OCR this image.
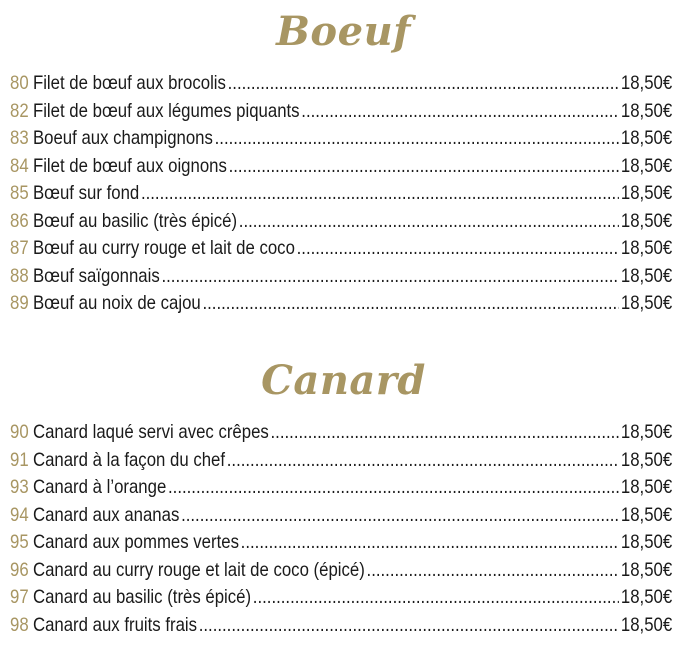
Boeuf
80 Filet de bœuf aux brocolis .....	18,50€
82 Filet de bœuf aux légumes piquants .....	18,50€
83 Boeuf aux champignons .....	18,50€
84 Filet de bœuf aux oignons .....	18,50€
85 Bœuf sur fond .....	18,50€
86 Bœuf au basilic (très épicé) .....	18,50€
87 Bœuf au curry rouge et lait de coco .....	18,50€
88 Bœuf saïgonnais .....	18,50€
89 Bœuf au noix de cajou .....	18,50€
Canard
90 Canard laqué servi avec crêpes .....	18,50€
91 Canard à la façon du chef .....	18,50€
93 Canard à l’orange .....	18,50€
94 Canard aux ananas .....	18,50€
95 Canard aux pommes vertes .....	18,50€
96 Canard au curry rouge et lait de coco (épicé) .....	18,50€
97 Canard au basilic (très épicé) .....	18,50€
98 Canard aux fruits frais .....	18,50€
